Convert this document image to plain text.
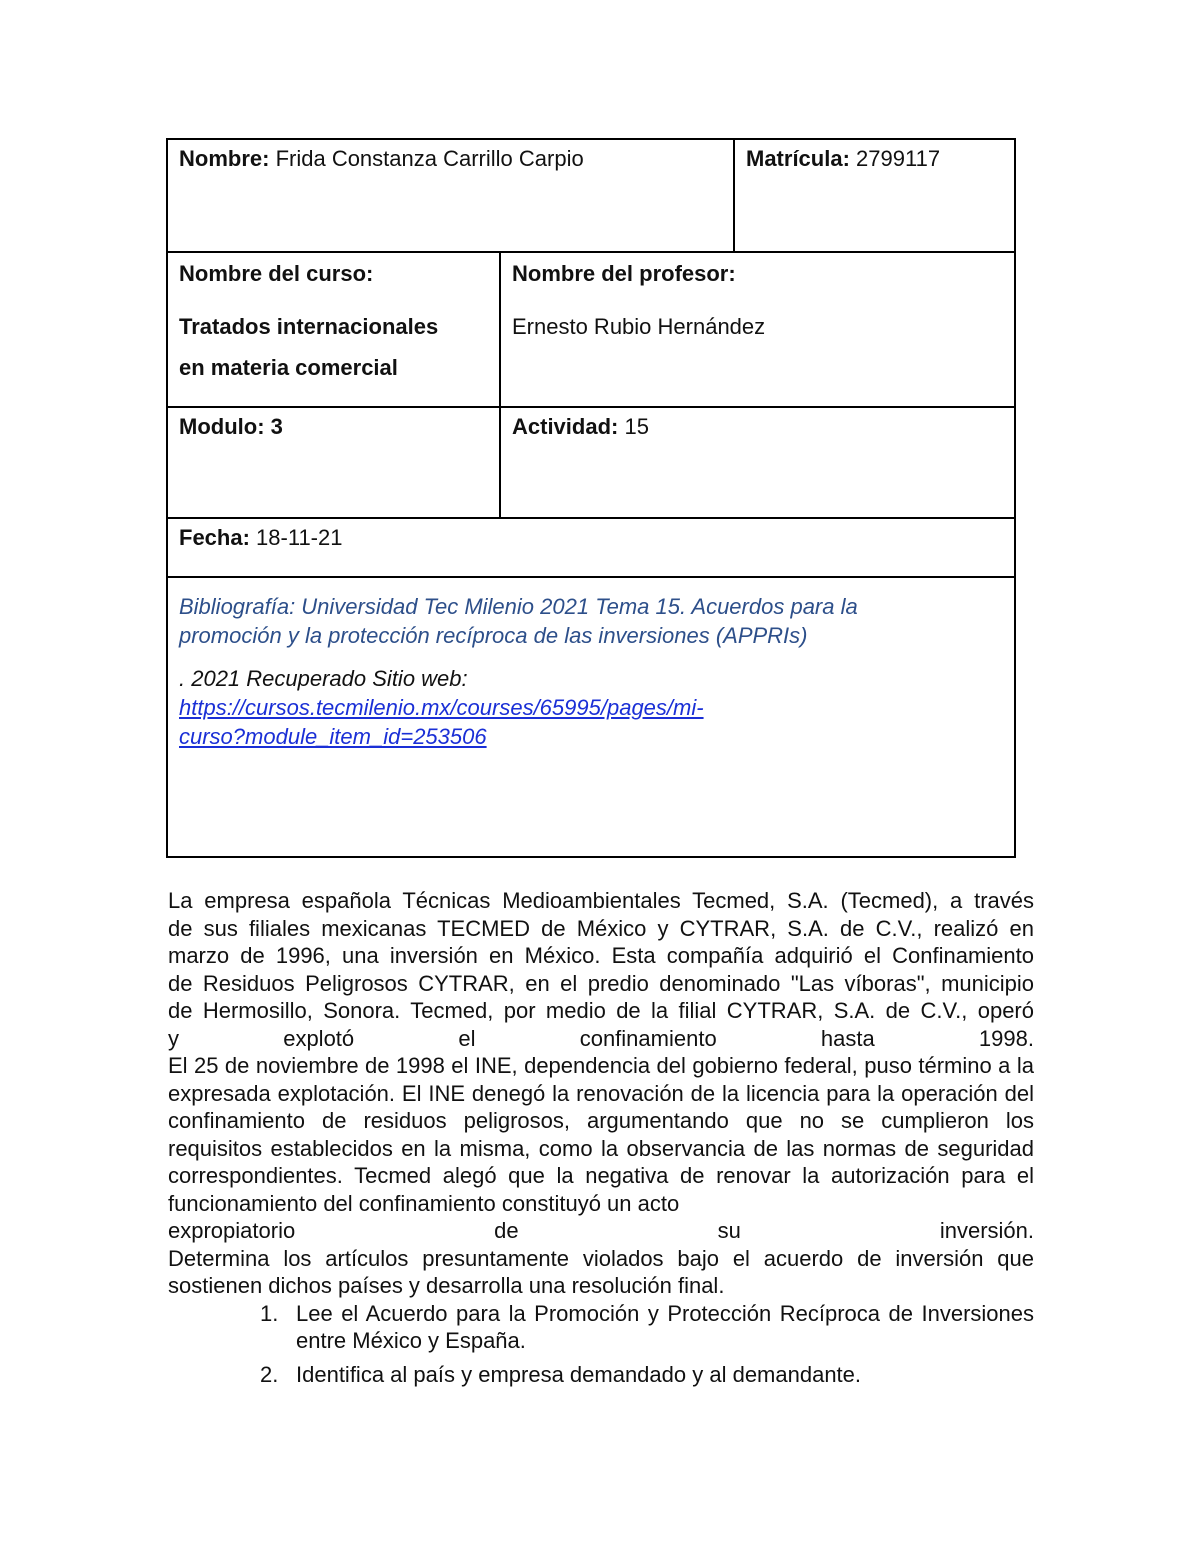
Nombre: Frida Constanza Carrillo Carpio	Matrícula: 2799117
Nombre del curso:
Tratados internacionales
en materia comercial
Nombre del profesor:
Ernesto Rubio Hernández
Modulo: 3	Actividad: 15
Fecha: 18-11-21
Bibliografía: Universidad Tec Milenio 2021 Tema 15. Acuerdos para la
promoción y la protección recíproca de las inversiones (APPRIs)
. 2021 Recuperado Sitio web:
https://cursos.tecmilenio.mx/courses/65995/pages/mi-
curso?module_item_id=253506
La empresa española Técnicas Medioambientales Tecmed, S.A. (Tecmed), a través
de sus filiales mexicanas TECMED de México y CYTRAR, S.A. de C.V., realizó en
marzo de 1996, una inversión en México. Esta compañía adquirió el Confinamiento
de Residuos Peligrosos CYTRAR, en el predio denominado "Las víboras", municipio
de Hermosillo, Sonora. Tecmed, por medio de la filial CYTRAR, S.A. de C.V., operó
y explotó el confinamiento hasta 1998.
El 25 de noviembre de 1998 el INE, dependencia del gobierno federal, puso término a la expresada explotación. El INE denegó la renovación de la licencia para la operación del confinamiento de residuos peligrosos, argumentando que no se cumplieron los requisitos establecidos en la misma, como la observancia de las normas de seguridad correspondientes. Tecmed alegó que la negativa de renovar la autorización para el funcionamiento del confinamiento constituyó un acto
expropiatorio de su inversión.
Determina los artículos presuntamente violados bajo el acuerdo de inversión que sostienen dichos países y desarrolla una resolución final.
1. Lee el Acuerdo para la Promoción y Protección Recíproca de Inversiones entre México y España.
2. Identifica al país y empresa demandado y al demandante.
